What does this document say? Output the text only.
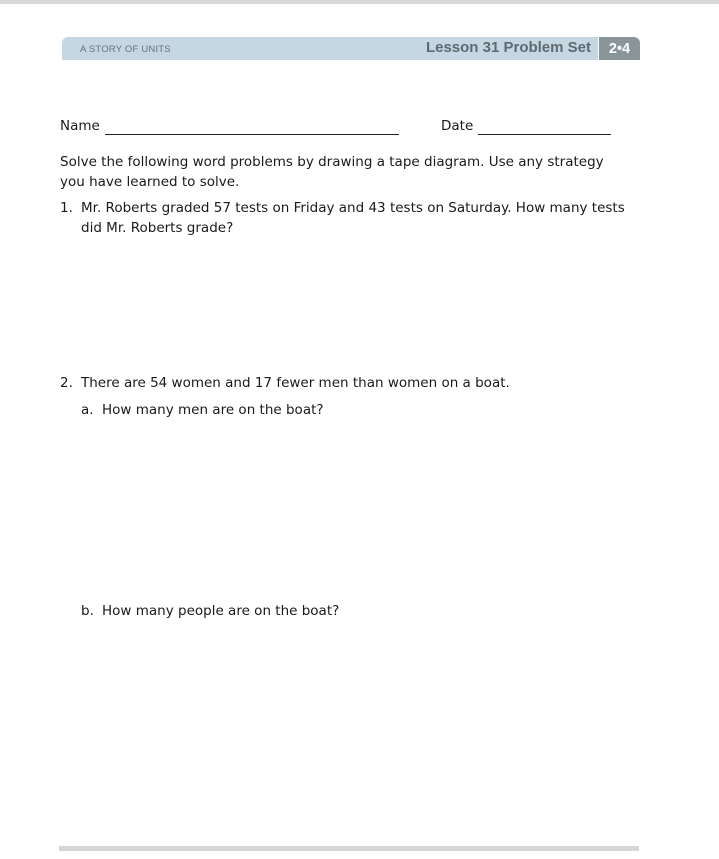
A STORY OF UNITS	Lesson 31 Problem Set	2•4
Name	Date
Solve the following word problems by drawing a tape diagram. Use any strategy you have learned to solve.
1. Mr. Roberts graded 57 tests on Friday and 43 tests on Saturday. How many tests did Mr. Roberts grade?
2. There are 54 women and 17 fewer men than women on a boat.
a. How many men are on the boat?
b. How many people are on the boat?
